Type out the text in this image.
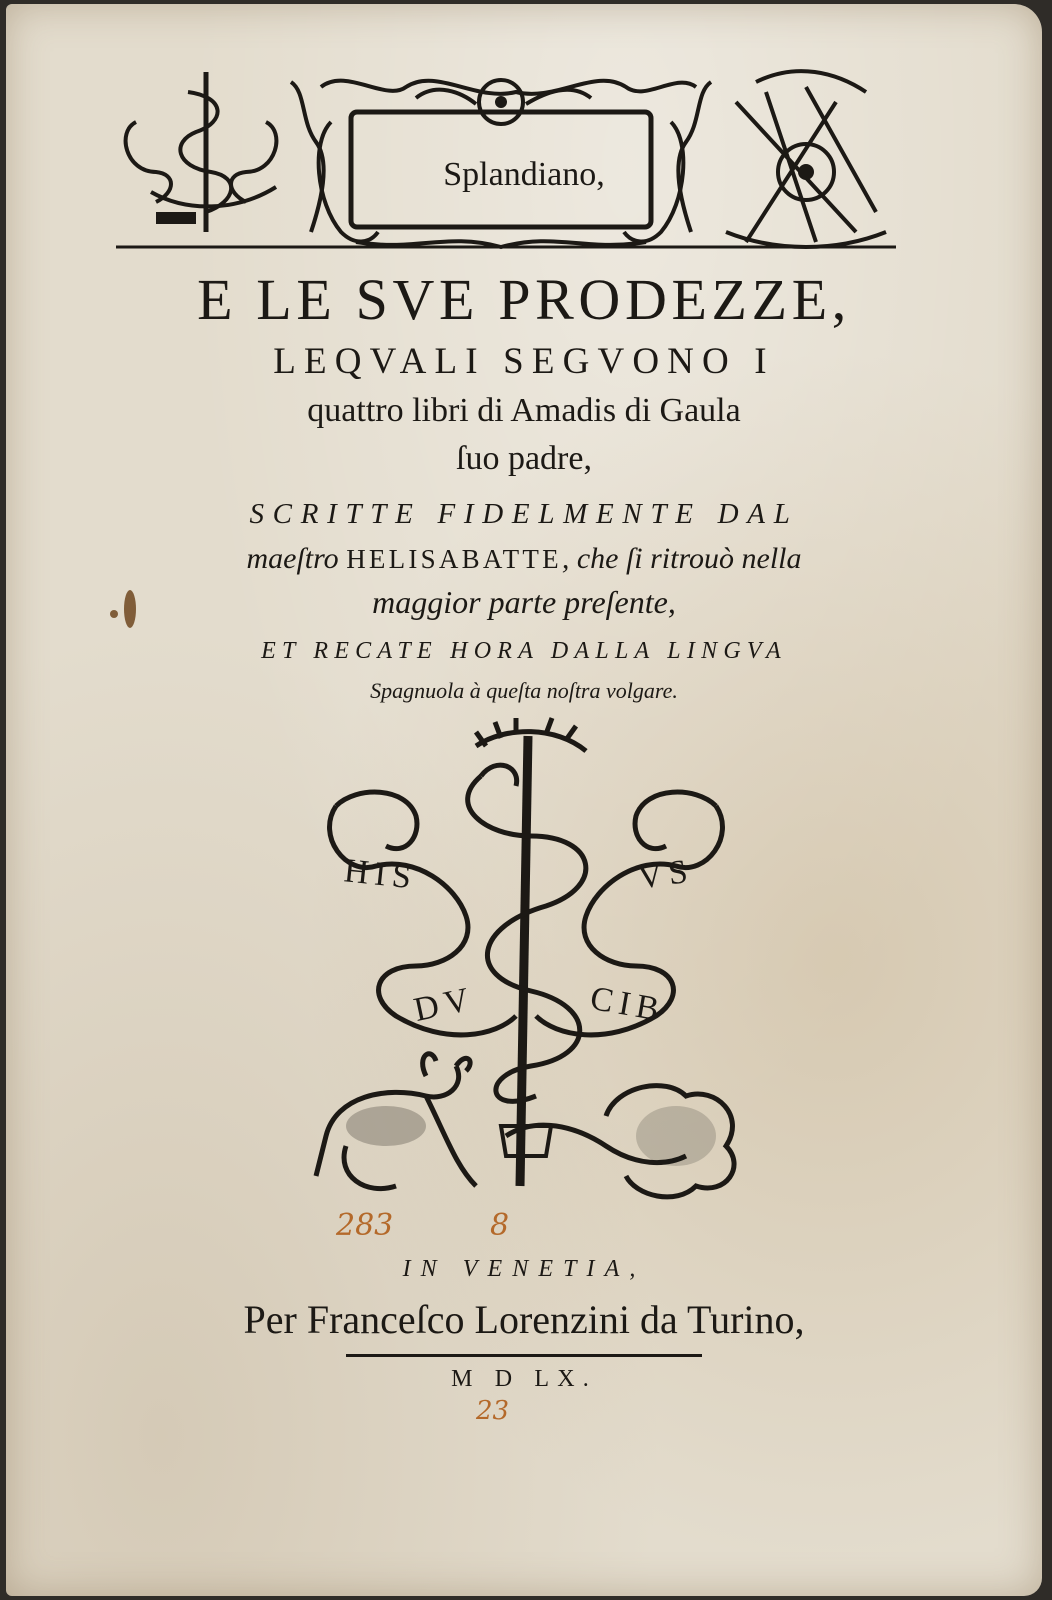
Splandiano,
E LE SVE PRODEZZE,
LEQVALI SEGVONO I
quattro libri di Amadis di Gaula
ſuo padre,
SCRITTE FIDELMENTE DAL
maeſtro HELISABATTE, che ſi ritrouò nella
maggior parte preſente,
ET RECATE HORA DALLA LINGVA
Spagnuola à queſta noſtra volgare.
HIS	VS
DV	CIB
283	8
IN VENETIA,
Per Franceſco Lorenzini da Turino,
M D LX.
23
